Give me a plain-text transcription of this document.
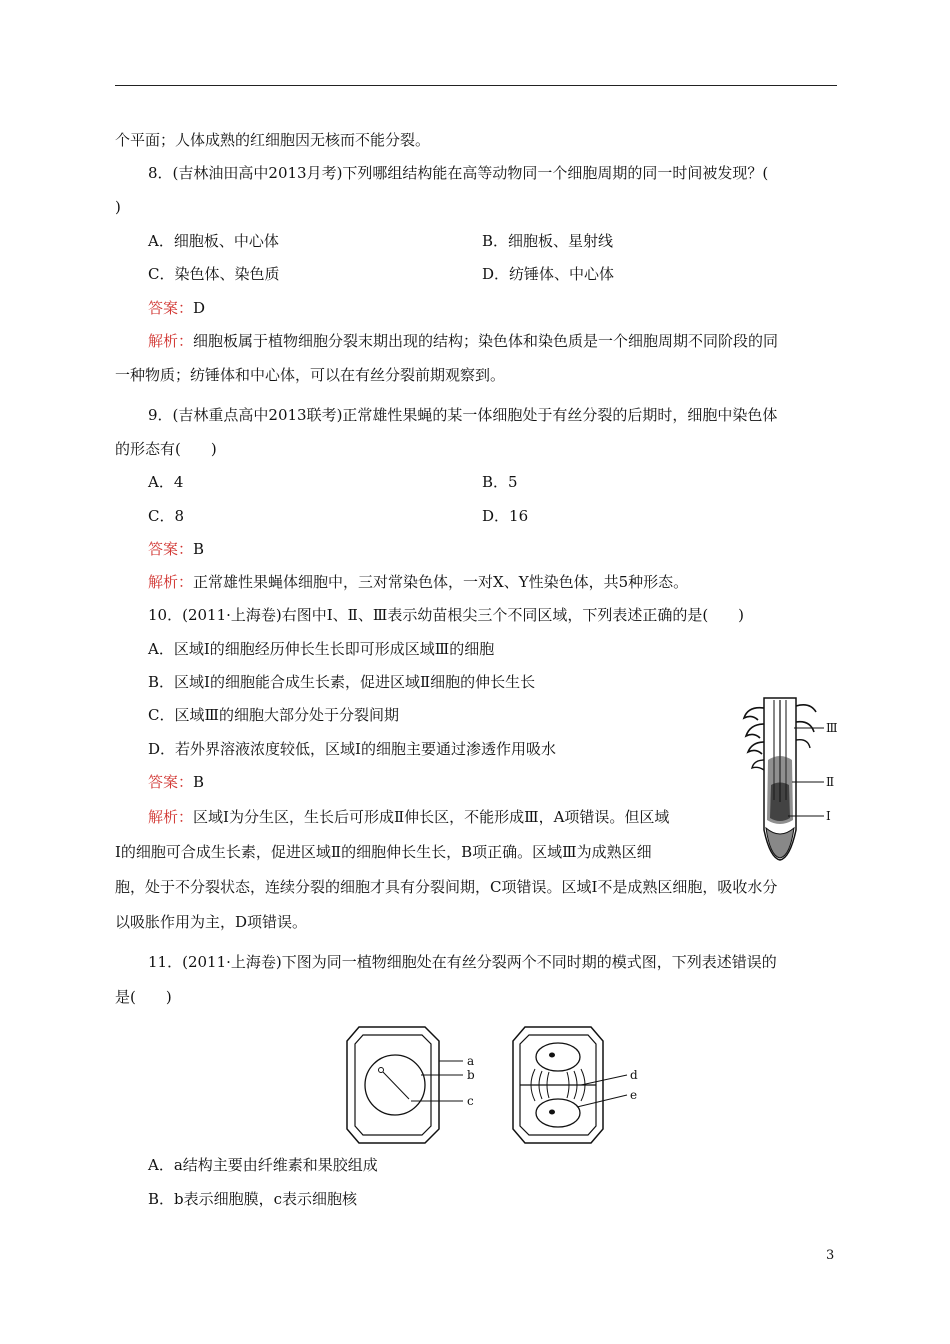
个平面；人体成熟的红细胞因无核而不能分裂。
8．(吉林油田高中2013月考)下列哪组结构能在高等动物同一个细胞周期的同一时间被发现？(
)
A．细胞板、中心体	B．细胞板、星射线
C．染色体、染色质	D．纺锤体、中心体
答案：D
解析：细胞板属于植物细胞分裂末期出现的结构；染色体和染色质是一个细胞周期不同阶段的同
一种物质；纺锤体和中心体，可以在有丝分裂前期观察到。
9．(吉林重点高中2013联考)正常雄性果蝇的某一体细胞处于有丝分裂的后期时，细胞中染色体
的形态有(　　)
A．4	B．5
C．8	D．16
答案：B
解析：正常雄性果蝇体细胞中，三对常染色体，一对X、Y性染色体，共5种形态。
10．(2011·上海卷)右图中Ⅰ、Ⅱ、Ⅲ表示幼苗根尖三个不同区域，下列表述正确的是(　　)
A．区域Ⅰ的细胞经历伸长生长即可形成区域Ⅲ的细胞
B．区域Ⅰ的细胞能合成生长素，促进区域Ⅱ细胞的伸长生长
C．区域Ⅲ的细胞大部分处于分裂间期
D．若外界溶液浓度较低，区域Ⅰ的细胞主要通过渗透作用吸水
答案：B
解析：区域Ⅰ为分生区，生长后可形成Ⅱ伸长区，不能形成Ⅲ，A项错误。但区域
Ⅰ的细胞可合成生长素，促进区域Ⅱ的细胞伸长生长，B项正确。区域Ⅲ为成熟区细
胞，处于不分裂状态，连续分裂的细胞才具有分裂间期，C项错误。区域Ⅰ不是成熟区细胞，吸收水分
以吸胀作用为主，D项错误。
Ⅲ
Ⅱ
Ⅰ
11．(2011·上海卷)下图为同一植物细胞处在有丝分裂两个不同时期的模式图，下列表述错误的
是(　　)
a
b
c
d
e
A．a结构主要由纤维素和果胶组成
B．b表示细胞膜，c表示细胞核
3
